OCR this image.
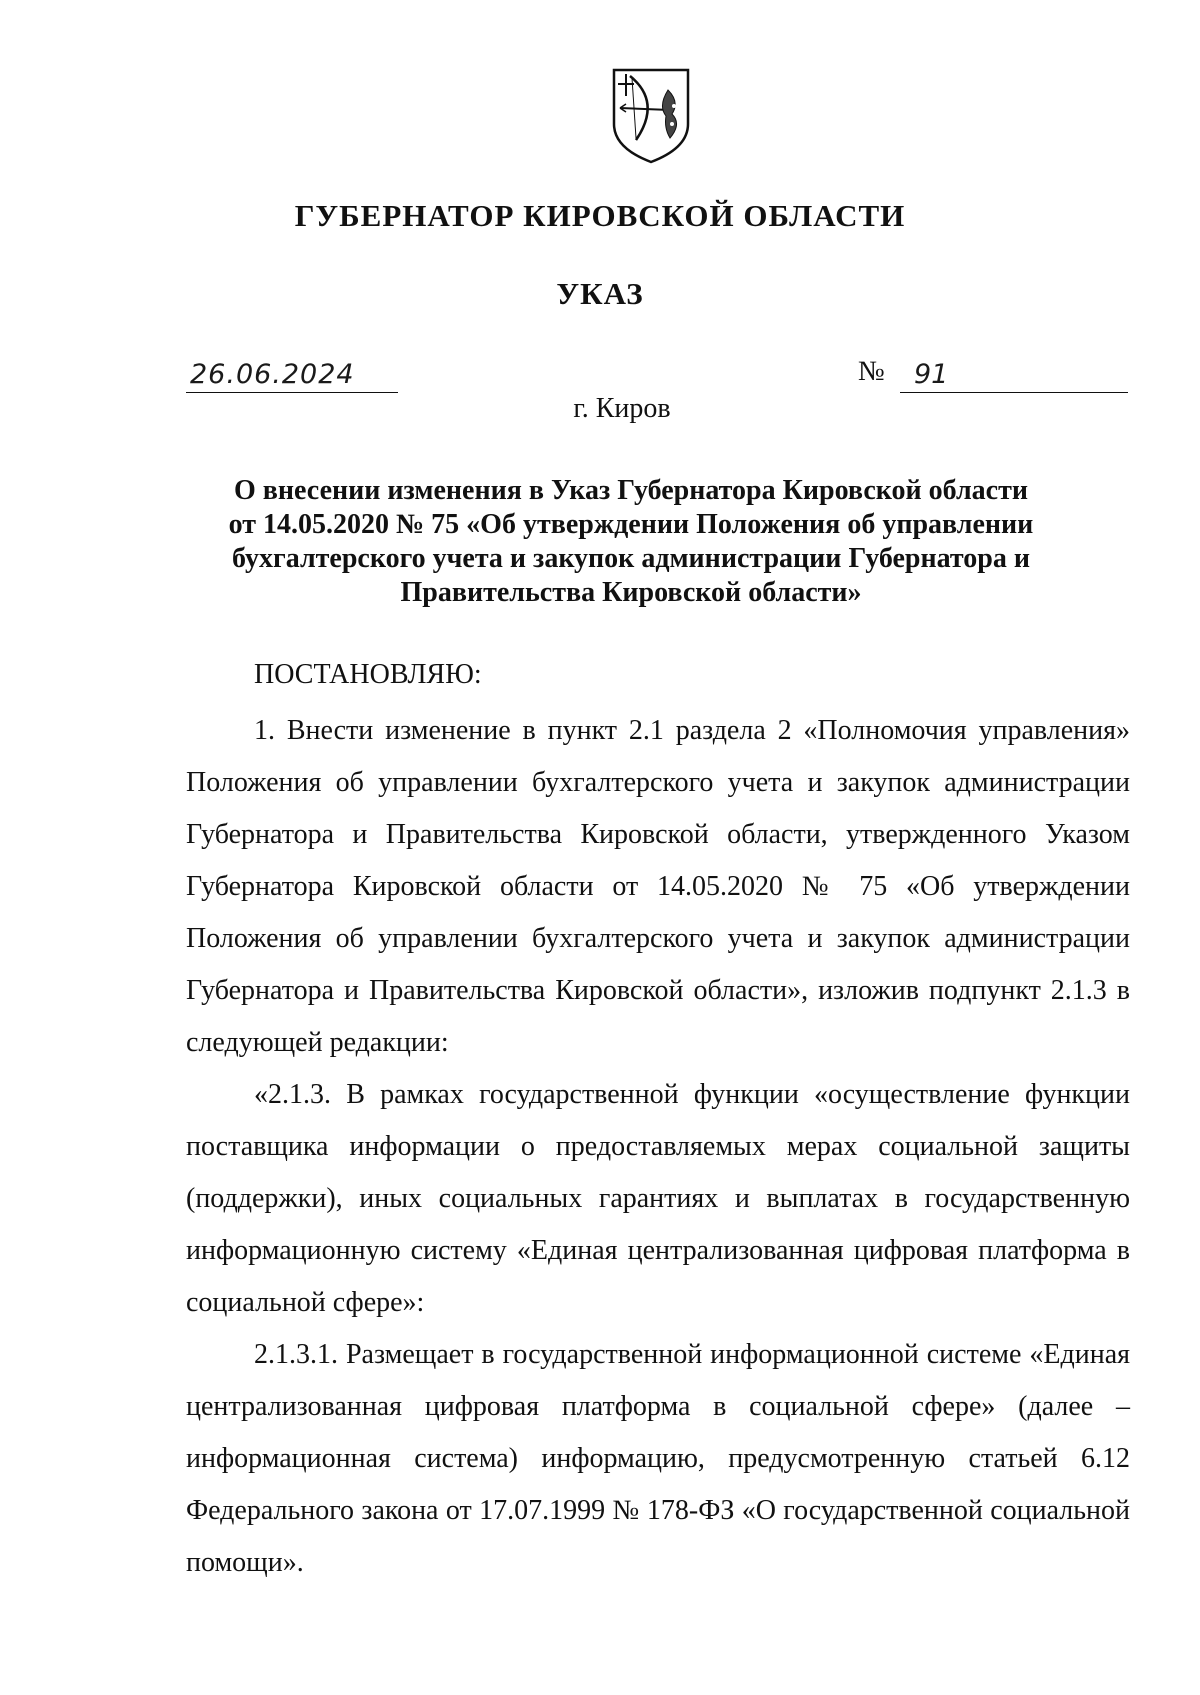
ГУБЕРНАТОР КИРОВСКОЙ ОБЛАСТИ
УКАЗ
26.06.2024	№ 91
г. Киров
О внесении изменения в Указ Губернатора Кировской области
от 14.05.2020 № 75 «Об утверждении Положения об управлении
бухгалтерского учета и закупок администрации Губернатора и
Правительства Кировской области»

ПОСТАНОВЛЯЮ:

1. Внести изменение в пункт 2.1 раздела 2 «Полномочия управления» Положения об управлении бухгалтерского учета и закупок администрации Губернатора и Правительства Кировской области, утвержденного Указом Губернатора Кировской области от 14.05.2020 № 75 «Об утверждении Положения об управлении бухгалтерского учета и закупок администрации Губернатора и Правительства Кировской области», изложив подпункт 2.1.3 в следующей редакции:

«2.1.3. В рамках государственной функции «осуществление функции поставщика информации о предоставляемых мерах социальной защиты (поддержки), иных социальных гарантиях и выплатах в государственную информационную систему «Единая централизованная цифровая платформа в социальной сфере»:

2.1.3.1. Размещает в государственной информационной системе «Единая централизованная цифровая платформа в социальной сфере» (далее – информационная система) информацию, предусмотренную статьей 6.12 Федерального закона от 17.07.1999 № 178-ФЗ «О государственной социальной помощи».
